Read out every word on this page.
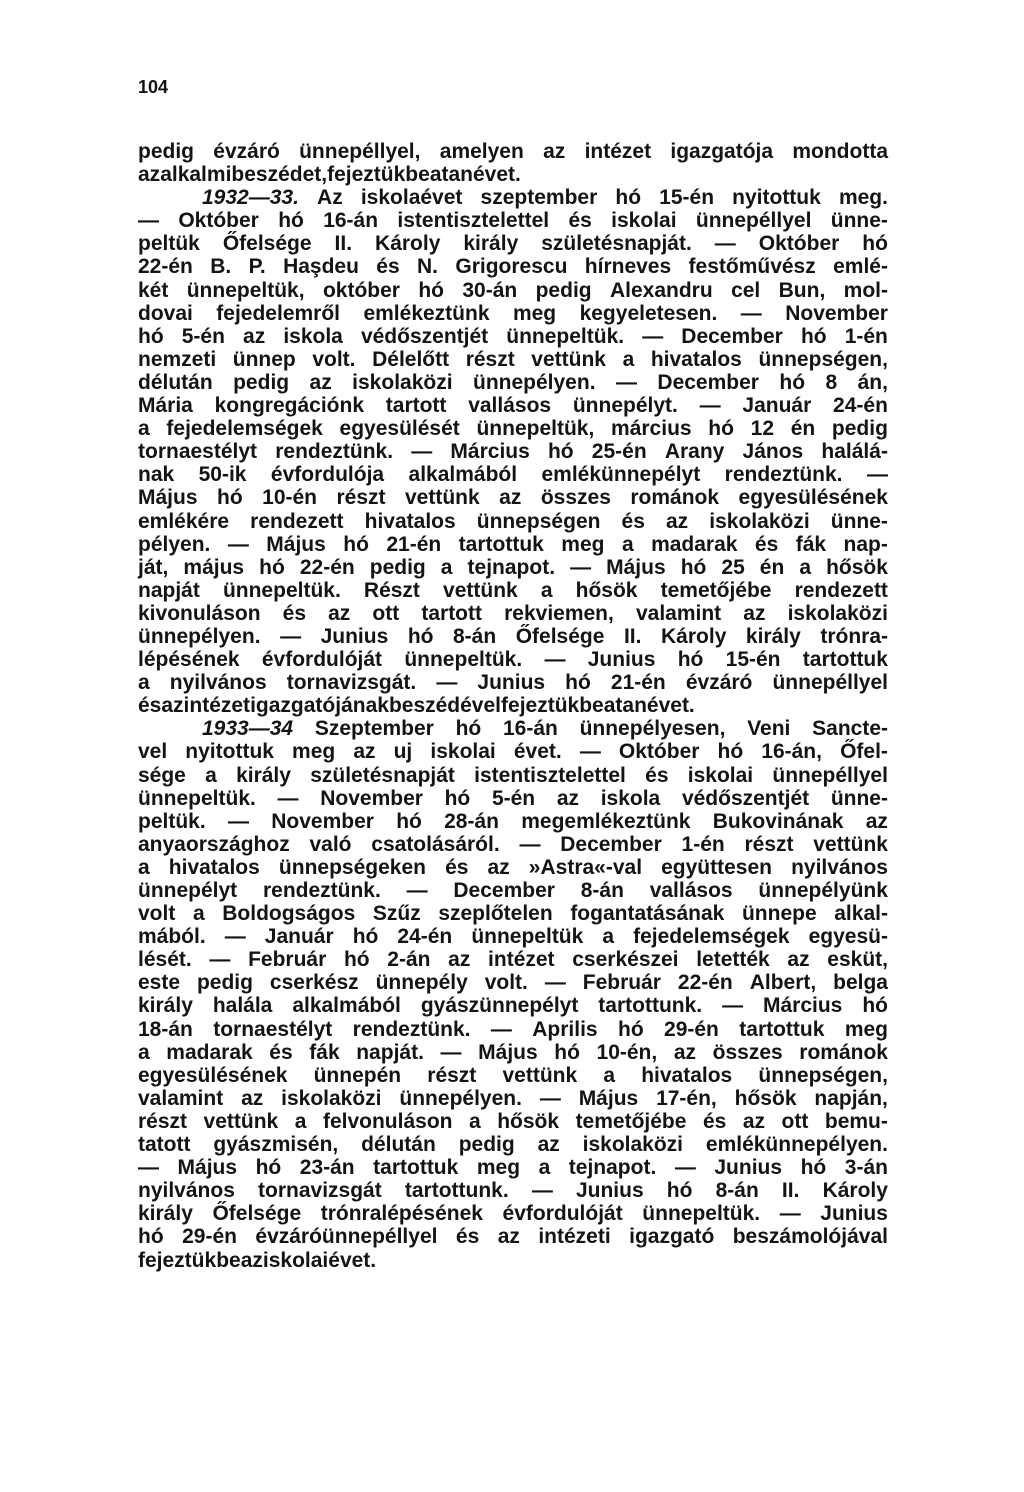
104
pedig évzáró ünnepéllyel, amelyen az intézet igazgatója mondotta
az alkalmi beszédet, fejeztük be a tanévet.
1932—33. Az iskolaévet szeptember hó 15-én nyitottuk meg.
— Október hó 16-án istentisztelettel és iskolai ünnepéllyel ünne-
peltük Őfelsége II. Károly király születésnapját. — Október hó
22-én B. P. Haşdeu és N. Grigorescu hírneves festőművész emlé-
két ünnepeltük, október hó 30-án pedig Alexandru cel Bun, mol-
dovai fejedelemről emlékeztünk meg kegyeletesen. — November
hó 5-én az iskola védőszentjét ünnepeltük. — December hó 1-én
nemzeti ünnep volt. Délelőtt részt vettünk a hivatalos ünnepségen,
délután pedig az iskolaközi ünnepélyen. — December hó 8 án,
Mária kongregációnk tartott vallásos ünnepélyt. — Január 24-én
a fejedelemségek egyesülését ünnepeltük, március hó 12 én pedig
tornaestélyt rendeztünk. — Március hó 25-én Arany János halálá-
nak 50-ik évfordulója alkalmából emlékünnepélyt rendeztünk. —
Május hó 10-én részt vettünk az összes románok egyesülésének
emlékére rendezett hivatalos ünnepségen és az iskolaközi ünne-
pélyen. — Május hó 21-én tartottuk meg a madarak és fák nap-
ját, május hó 22-én pedig a tejnapot. — Május hó 25 én a hősök
napját ünnepeltük. Részt vettünk a hősök temetőjébe rendezett
kivonuláson és az ott tartott rekviemen, valamint az iskolaközi
ünnepélyen. — Junius hó 8-án Őfelsége II. Károly király trónra-
lépésének évfordulóját ünnepeltük. — Junius hó 15-én tartottuk
a nyilvános tornavizsgát. — Junius hó 21-én évzáró ünnepéllyel
és az intézet igazgatójának beszédével fejeztük be a tanévet.
1933—34 Szeptember hó 16-án ünnepélyesen, Veni Sancte-
vel nyitottuk meg az uj iskolai évet. — Október hó 16-án, Őfel-
sége a király születésnapját istentisztelettel és iskolai ünnepéllyel
ünnepeltük. — November hó 5-én az iskola védőszentjét ünne-
peltük. — November hó 28-án megemlékeztünk Bukovinának az
anyaországhoz való csatolásáról. — December 1-én részt vettünk
a hivatalos ünnepségeken és az »Astra«-val együttesen nyilvános
ünnepélyt rendeztünk. — December 8-án vallásos ünnepélyünk
volt a Boldogságos Szűz szeplőtelen fogantatásának ünnepe alkal-
mából. — Január hó 24-én ünnepeltük a fejedelemségek egyesü-
lését. — Február hó 2-án az intézet cserkészei letették az esküt,
este pedig cserkész ünnepély volt. — Február 22-én Albert, belga
király halála alkalmából gyászünnepélyt tartottunk. — Március hó
18-án tornaestélyt rendeztünk. — Aprilis hó 29-én tartottuk meg
a madarak és fák napját. — Május hó 10-én, az összes románok
egyesülésének ünnepén részt vettünk a hivatalos ünnepségen,
valamint az iskolaközi ünnepélyen. — Május 17-én, hősök napján,
részt vettünk a felvonuláson a hősök temetőjébe és az ott bemu-
tatott gyászmisén, délután pedig az iskolaközi emlékünnepélyen.
— Május hó 23-án tartottuk meg a tejnapot. — Junius hó 3-án
nyilvános tornavizsgát tartottunk. — Junius hó 8-án II. Károly
király Őfelsége trónralépésének évfordulóját ünnepeltük. — Junius
hó 29-én évzáróünnepéllyel és az intézeti igazgató beszámolójával
fejeztük be az iskolai évet.
